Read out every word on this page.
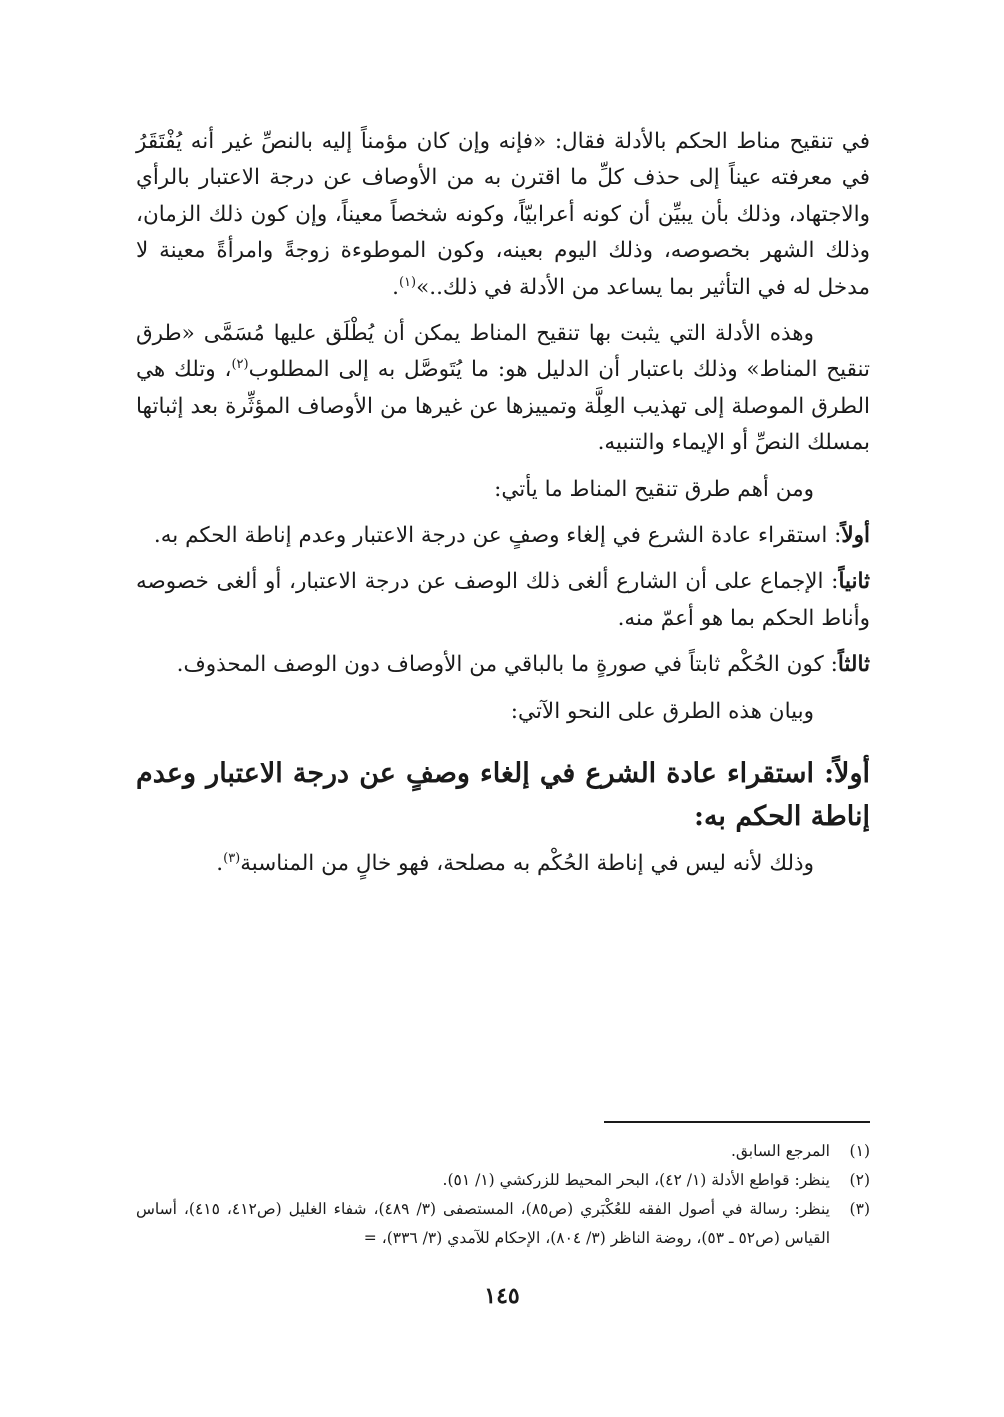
في تنقيح مناط الحكم بالأدلة فقال: «فإنه وإن كان مؤمناً إليه بالنصِّ غير أنه يُفْتَقَرُ في معرفته عيناً إلى حذف كلِّ ما اقترن به من الأوصاف عن درجة الاعتبار بالرأي والاجتهاد، وذلك بأن يبيِّن أن كونه أعرابيّاً، وكونه شخصاً معيناً، وإن كون ذلك الزمان، وذلك الشهر بخصوصه، وذلك اليوم بعينه، وكون الموطوءة زوجةً وامرأةً معينة لا مدخل له في التأثير بما يساعد من الأدلة في ذلك..»$^{(١)}$.

وهذه الأدلة التي يثبت بها تنقيح المناط يمكن أن يُطْلَق عليها مُسَمَّى «طرق تنقيح المناط» وذلك باعتبار أن الدليل هو: ما يُتَوصَّل به إلى المطلوب$^{(٢)}$، وتلك هي الطرق الموصلة إلى تهذيب العِلَّة وتمييزها عن غيرها من الأوصاف المؤثِّرة بعد إثباتها بمسلك النصِّ أو الإيماء والتنبيه.

ومن أهم طرق تنقيح المناط ما يأتي:

أولاً: استقراء عادة الشرع في إلغاء وصفٍ عن درجة الاعتبار وعدم إناطة الحكم به.

ثانياً: الإجماع على أن الشارع ألغى ذلك الوصف عن درجة الاعتبار، أو ألغى خصوصه وأناط الحكم بما هو أعمّ منه.

ثالثاً: كون الحُكْم ثابتاً في صورةٍ ما بالباقي من الأوصاف دون الوصف المحذوف.

وبيان هذه الطرق على النحو الآتي:

أولاً: استقراء عادة الشرع في إلغاء وصفٍ عن درجة الاعتبار وعدم إناطة الحكم به:

وذلك لأنه ليس في إناطة الحُكْم به مصلحة، فهو خالٍ من المناسبة$^{(٣)}$.

(١)
المرجع السابق.
(٢)
ينظر: قواطع الأدلة (١/ ٤٢)، البحر المحيط للزركشي (١/ ٥١).
(٣)
ينظر: رسالة في أصول الفقه للعُكْبَري (ص٨٥)، المستصفى (٣/ ٤٨٩)، شفاء الغليل (ص٤١٢، ٤١٥)، أساس القياس (ص٥٢ ـ ٥٣)، روضة الناظر (٣/ ٨٠٤)، الإحكام للآمدي (٣/ ٣٣٦)، =
١٤٥
